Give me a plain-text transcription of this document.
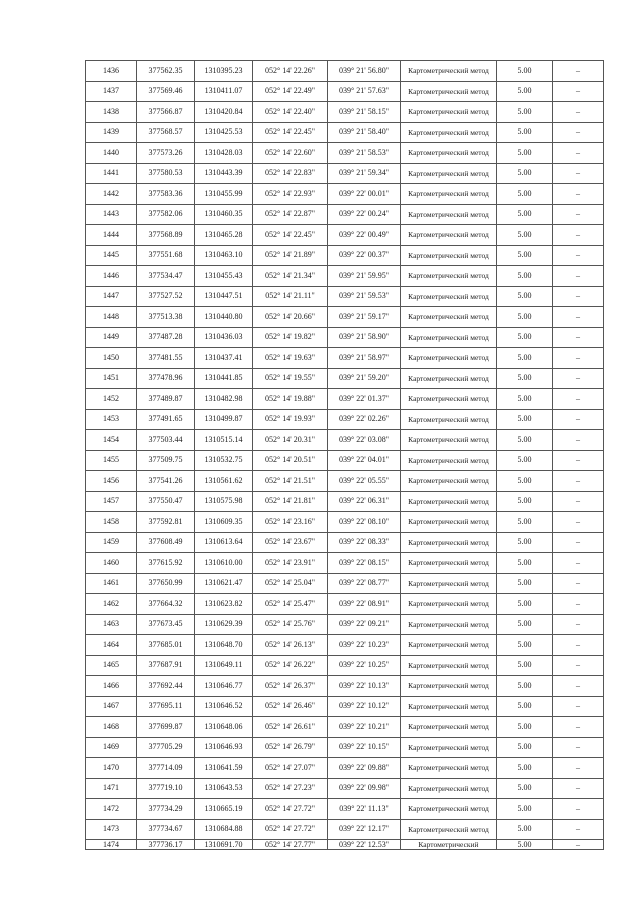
1436	377562.35	1310395.23	052° 14' 22.26"	039° 21' 56.80"	Картометрический метод	5.00	–
1437	377569.46	1310411.07	052° 14' 22.49"	039° 21' 57.63"	Картометрический метод	5.00	–
1438	377566.87	1310420.84	052° 14' 22.40"	039° 21' 58.15"	Картометрический метод	5.00	–
1439	377568.57	1310425.53	052° 14' 22.45"	039° 21' 58.40"	Картометрический метод	5.00	–
1440	377573.26	1310428.03	052° 14' 22.60"	039° 21' 58.53"	Картометрический метод	5.00	–
1441	377580.53	1310443.39	052° 14' 22.83"	039° 21' 59.34"	Картометрический метод	5.00	–
1442	377583.36	1310455.99	052° 14' 22.93"	039° 22' 00.01"	Картометрический метод	5.00	–
1443	377582.06	1310460.35	052° 14' 22.87"	039° 22' 00.24"	Картометрический метод	5.00	–
1444	377568.89	1310465.28	052° 14' 22.45"	039° 22' 00.49"	Картометрический метод	5.00	–
1445	377551.68	1310463.10	052° 14' 21.89"	039° 22' 00.37"	Картометрический метод	5.00	–
1446	377534.47	1310455.43	052° 14' 21.34"	039° 21' 59.95"	Картометрический метод	5.00	–
1447	377527.52	1310447.51	052° 14' 21.11"	039° 21' 59.53"	Картометрический метод	5.00	–
1448	377513.38	1310440.80	052° 14' 20.66"	039° 21' 59.17"	Картометрический метод	5.00	–
1449	377487.28	1310436.03	052° 14' 19.82"	039° 21' 58.90"	Картометрический метод	5.00	–
1450	377481.55	1310437.41	052° 14' 19.63"	039° 21' 58.97"	Картометрический метод	5.00	–
1451	377478.96	1310441.85	052° 14' 19.55"	039° 21' 59.20"	Картометрический метод	5.00	–
1452	377489.87	1310482.98	052° 14' 19.88"	039° 22' 01.37"	Картометрический метод	5.00	–
1453	377491.65	1310499.87	052° 14' 19.93"	039° 22' 02.26"	Картометрический метод	5.00	–
1454	377503.44	1310515.14	052° 14' 20.31"	039° 22' 03.08"	Картометрический метод	5.00	–
1455	377509.75	1310532.75	052° 14' 20.51"	039° 22' 04.01"	Картометрический метод	5.00	–
1456	377541.26	1310561.62	052° 14' 21.51"	039° 22' 05.55"	Картометрический метод	5.00	–
1457	377550.47	1310575.98	052° 14' 21.81"	039° 22' 06.31"	Картометрический метод	5.00	–
1458	377592.81	1310609.35	052° 14' 23.16"	039° 22' 08.10"	Картометрический метод	5.00	–
1459	377608.49	1310613.64	052° 14' 23.67"	039° 22' 08.33"	Картометрический метод	5.00	–
1460	377615.92	1310610.00	052° 14' 23.91"	039° 22' 08.15"	Картометрический метод	5.00	–
1461	377650.99	1310621.47	052° 14' 25.04"	039° 22' 08.77"	Картометрический метод	5.00	–
1462	377664.32	1310623.82	052° 14' 25.47"	039° 22' 08.91"	Картометрический метод	5.00	–
1463	377673.45	1310629.39	052° 14' 25.76"	039° 22' 09.21"	Картометрический метод	5.00	–
1464	377685.01	1310648.70	052° 14' 26.13"	039° 22' 10.23"	Картометрический метод	5.00	–
1465	377687.91	1310649.11	052° 14' 26.22"	039° 22' 10.25"	Картометрический метод	5.00	–
1466	377692.44	1310646.77	052° 14' 26.37"	039° 22' 10.13"	Картометрический метод	5.00	–
1467	377695.11	1310646.52	052° 14' 26.46"	039° 22' 10.12"	Картометрический метод	5.00	–
1468	377699.87	1310648.06	052° 14' 26.61"	039° 22' 10.21"	Картометрический метод	5.00	–
1469	377705.29	1310646.93	052° 14' 26.79"	039° 22' 10.15"	Картометрический метод	5.00	–
1470	377714.09	1310641.59	052° 14' 27.07"	039° 22' 09.88"	Картометрический метод	5.00	–
1471	377719.10	1310643.53	052° 14' 27.23"	039° 22' 09.98"	Картометрический метод	5.00	–
1472	377734.29	1310665.19	052° 14' 27.72"	039° 22' 11.13"	Картометрический метод	5.00	–
1473	377734.67	1310684.88	052° 14' 27.72"	039° 22' 12.17"	Картометрический метод	5.00	–
1474	377736.17	1310691.70	052° 14' 27.77"	039° 22' 12.53"	Картометрический	5.00	–
